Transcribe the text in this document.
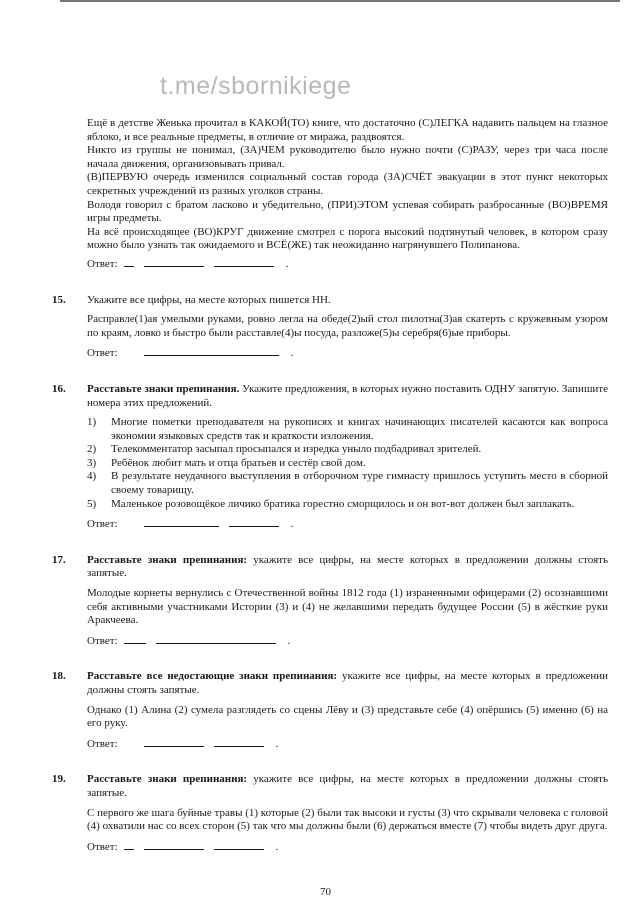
t.me/sbornikiege

Ещё в детстве Женька прочитал в КАКОЙ(ТО) книге, что достаточно (С)ЛЕГКА надавить пальцем на глазное яблоко, и все реальные предметы, в отличие от миража, раздвоятся.

Никто из группы не понимал, (ЗА)ЧЕМ руководителю было нужно почти (С)РАЗУ, через три часа после начала движения, организовывать привал.

(В)ПЕРВУЮ очередь изменился социальный состав города (ЗА)СЧЁТ эвакуации в этот пункт некоторых секретных учреждений из разных уголков страны.

Володя говорил с братом ласково и убедительно, (ПРИ)ЭТОМ успевая собирать разбросанные (ВО)ВРЕМЯ игры предметы.

На всё происходящее (ВО)КРУГ движение смотрел с порога высокий подтянутый человек, в котором сразу можно было узнать так ожидаемого и ВСЁ(ЖЕ) так неожиданно нагрянувшего Полипанова.

Ответ:	.
15.	Укажите все цифры, на месте которых пишется НН.

Расправле(1)ая умелыми руками, ровно легла на обеде(2)ый стол пилотна(3)ая скатерть с кружевным узором по краям, ловко и быстро были расставле(4)ы посуда, разложе(5)ы серебря(6)ые приборы.

Ответ:	.
16.	Расставьте знаки препинания. Укажите предложения, в которых нужно поставить ОДНУ запятую. Запишите номера этих предложений.

1)	Многие пометки преподавателя на рукописях и книгах начинающих писателей касаются как вопроса экономии языковых средств так и краткости изложения.
2)	Телекомментатор засыпал просыпался и изредка уныло подбадривал зрителей.
3)	Ребёнок любит мать и отца братьев и сестёр свой дом.
4)	В результате неудачного выступления в отборочном туре гимнасту пришлось уступить место в сборной своему товарищу.
5)	Маленькое розовощёкое личико братика горестно сморщилось и он вот-вот должен был заплакать.
Ответ:	.
17.	Расставьте знаки препинания: укажите все цифры, на месте которых в предложении должны стоять запятые.

Молодые корнеты вернулись с Отечественной войны 1812 года (1) израненными офицерами (2) осознавшими себя активными участниками Истории (3) и (4) не желавшими передать будущее России (5) в жёсткие руки Аракчеева.

Ответ:	.
18.	Расставьте все недостающие знаки препинания: укажите все цифры, на месте которых в предложении должны стоять запятые.

Однако (1) Алина (2) сумела разглядеть со сцены Лёву и (3) представьте себе (4) опёршись (5) именно (6) на его руку.

Ответ:	.
19.	Расставьте знаки препинания: укажите все цифры, на месте которых в предложении должны стоять запятые.

С первого же шага буйные травы (1) которые (2) были так высоки и густы (3) что скрывали человека с головой (4) охватили нас со всех сторон (5) так что мы должны были (6) держаться вместе (7) чтобы видеть друг друга.

Ответ:	.
70
